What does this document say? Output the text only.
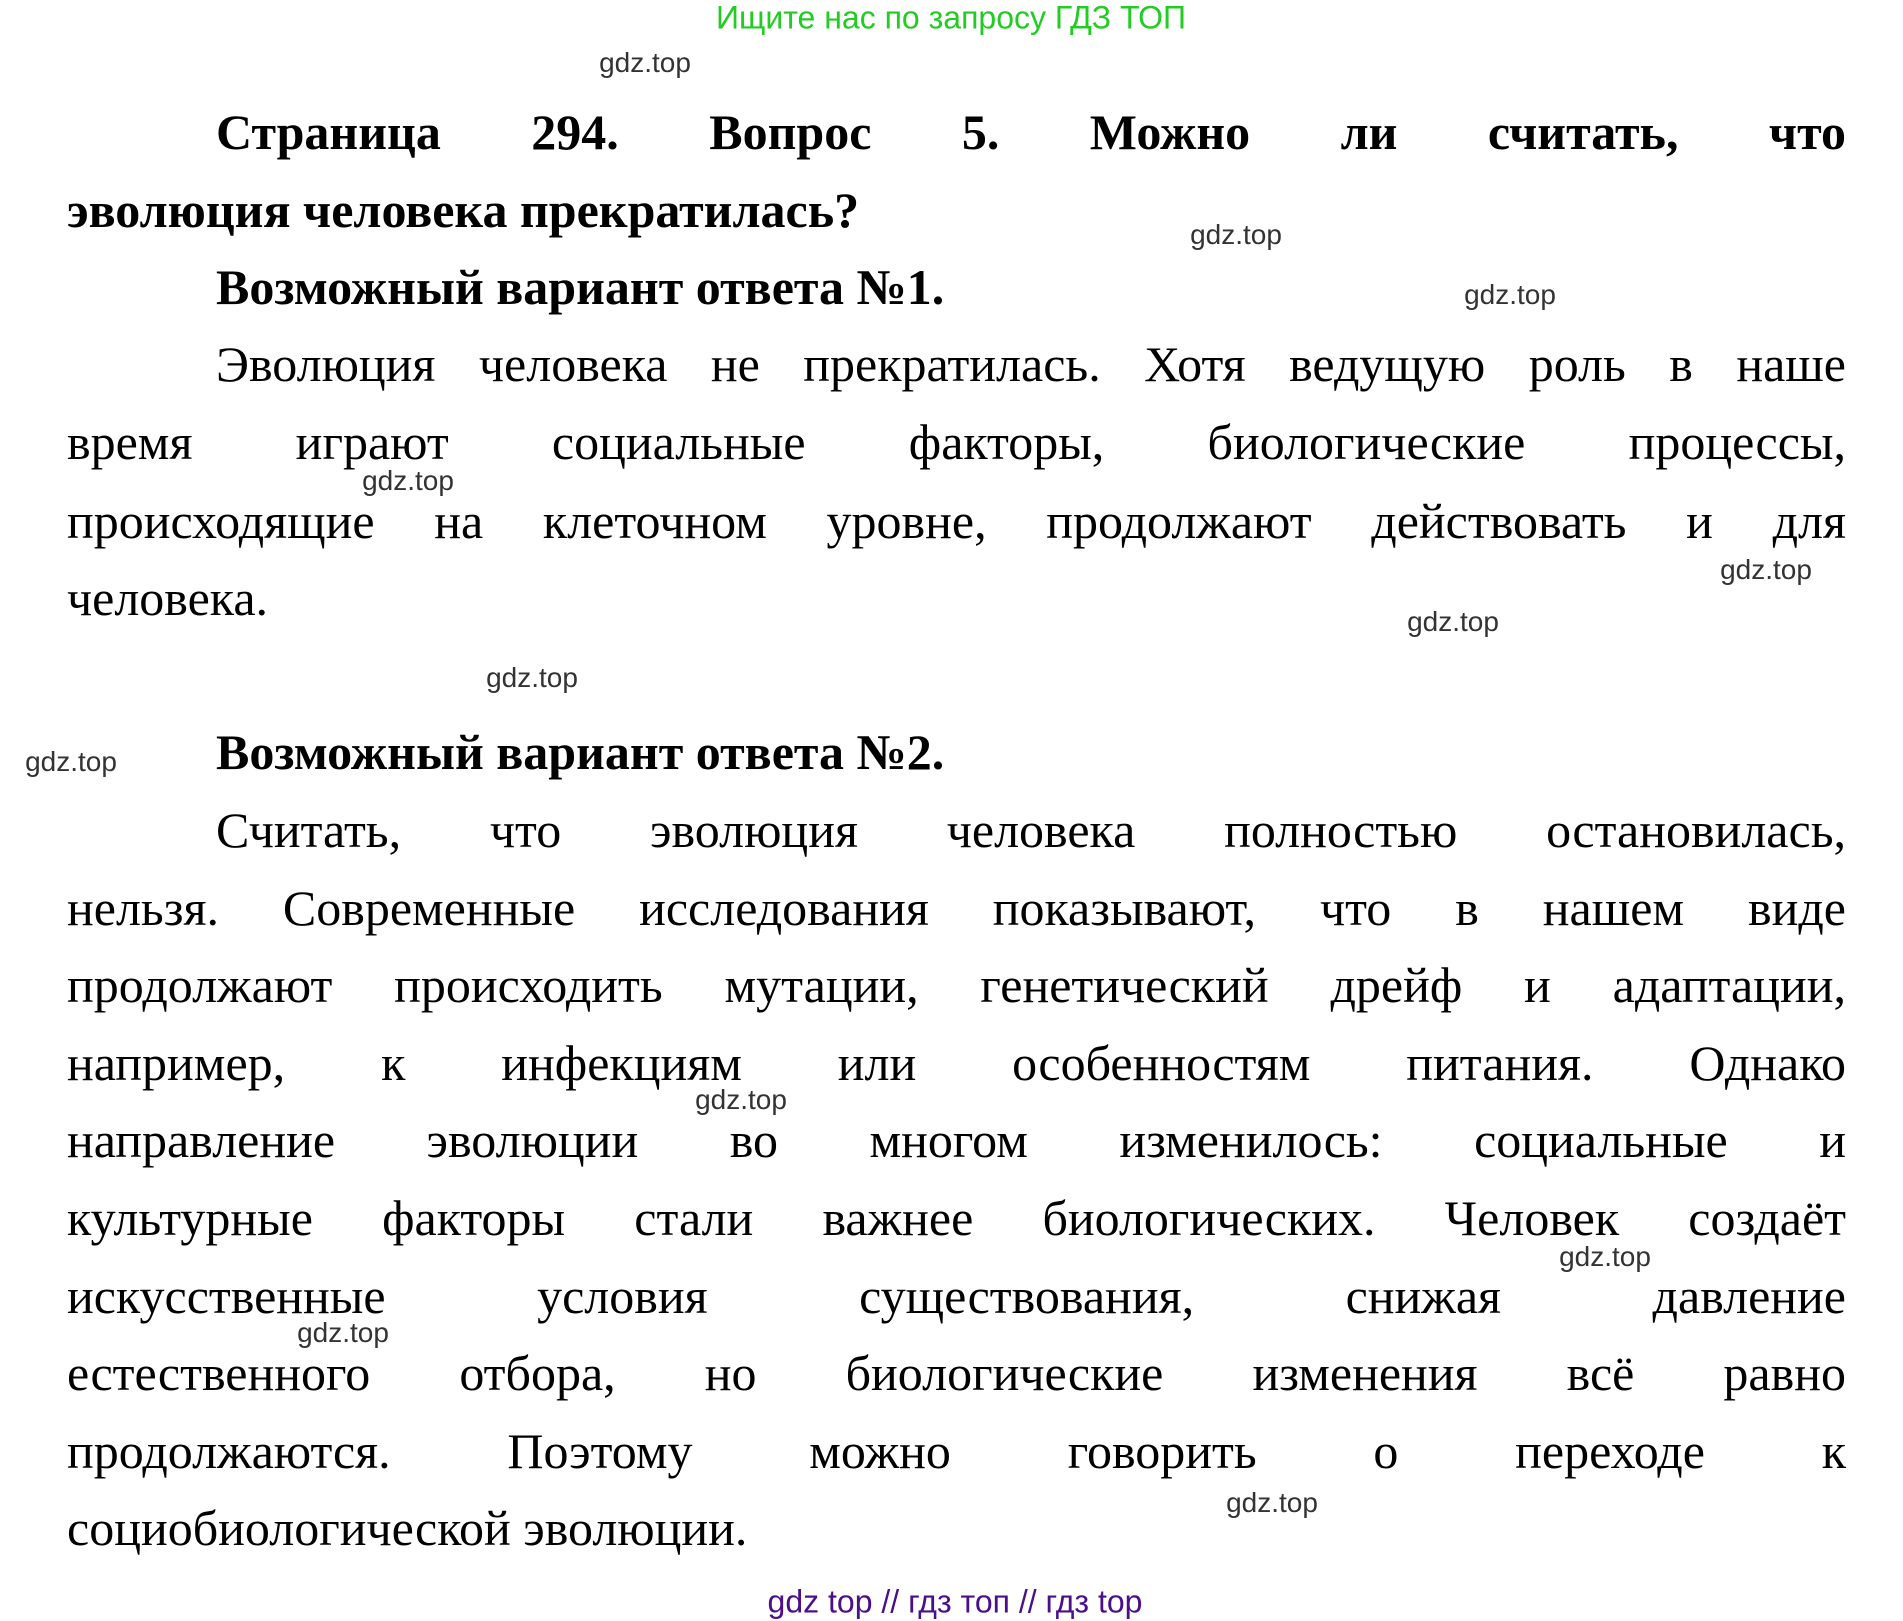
Ищите нас по запросу ГДЗ ТОП
Страница 294. Вопрос 5. Можно ли считать, что
эволюция человека прекратилась?
Возможный вариант ответа №1.
Эволюция человека не прекратилась. Хотя ведущую роль в наше
время играют социальные факторы, биологические процессы,
происходящие на клеточном уровне, продолжают действовать и для
человека.
Возможный вариант ответа №2.
Считать, что эволюция человека полностью остановилась,
нельзя. Современные исследования показывают, что в нашем виде
продолжают происходить мутации, генетический дрейф и адаптации,
например, к инфекциям или особенностям питания. Однако
направление эволюции во многом изменилось: социальные и
культурные факторы стали важнее биологических. Человек создаёт
искусственные условия существования, снижая давление
естественного отбора, но биологические изменения всё равно
продолжаются. Поэтому можно говорить о переходе к
социобиологической эволюции.
gdz.top
gdz.top
gdz.top
gdz.top
gdz.top
gdz.top
gdz.top
gdz.top
gdz.top
gdz.top
gdz.top
gdz.top
gdz top // гдз топ // гдз top
